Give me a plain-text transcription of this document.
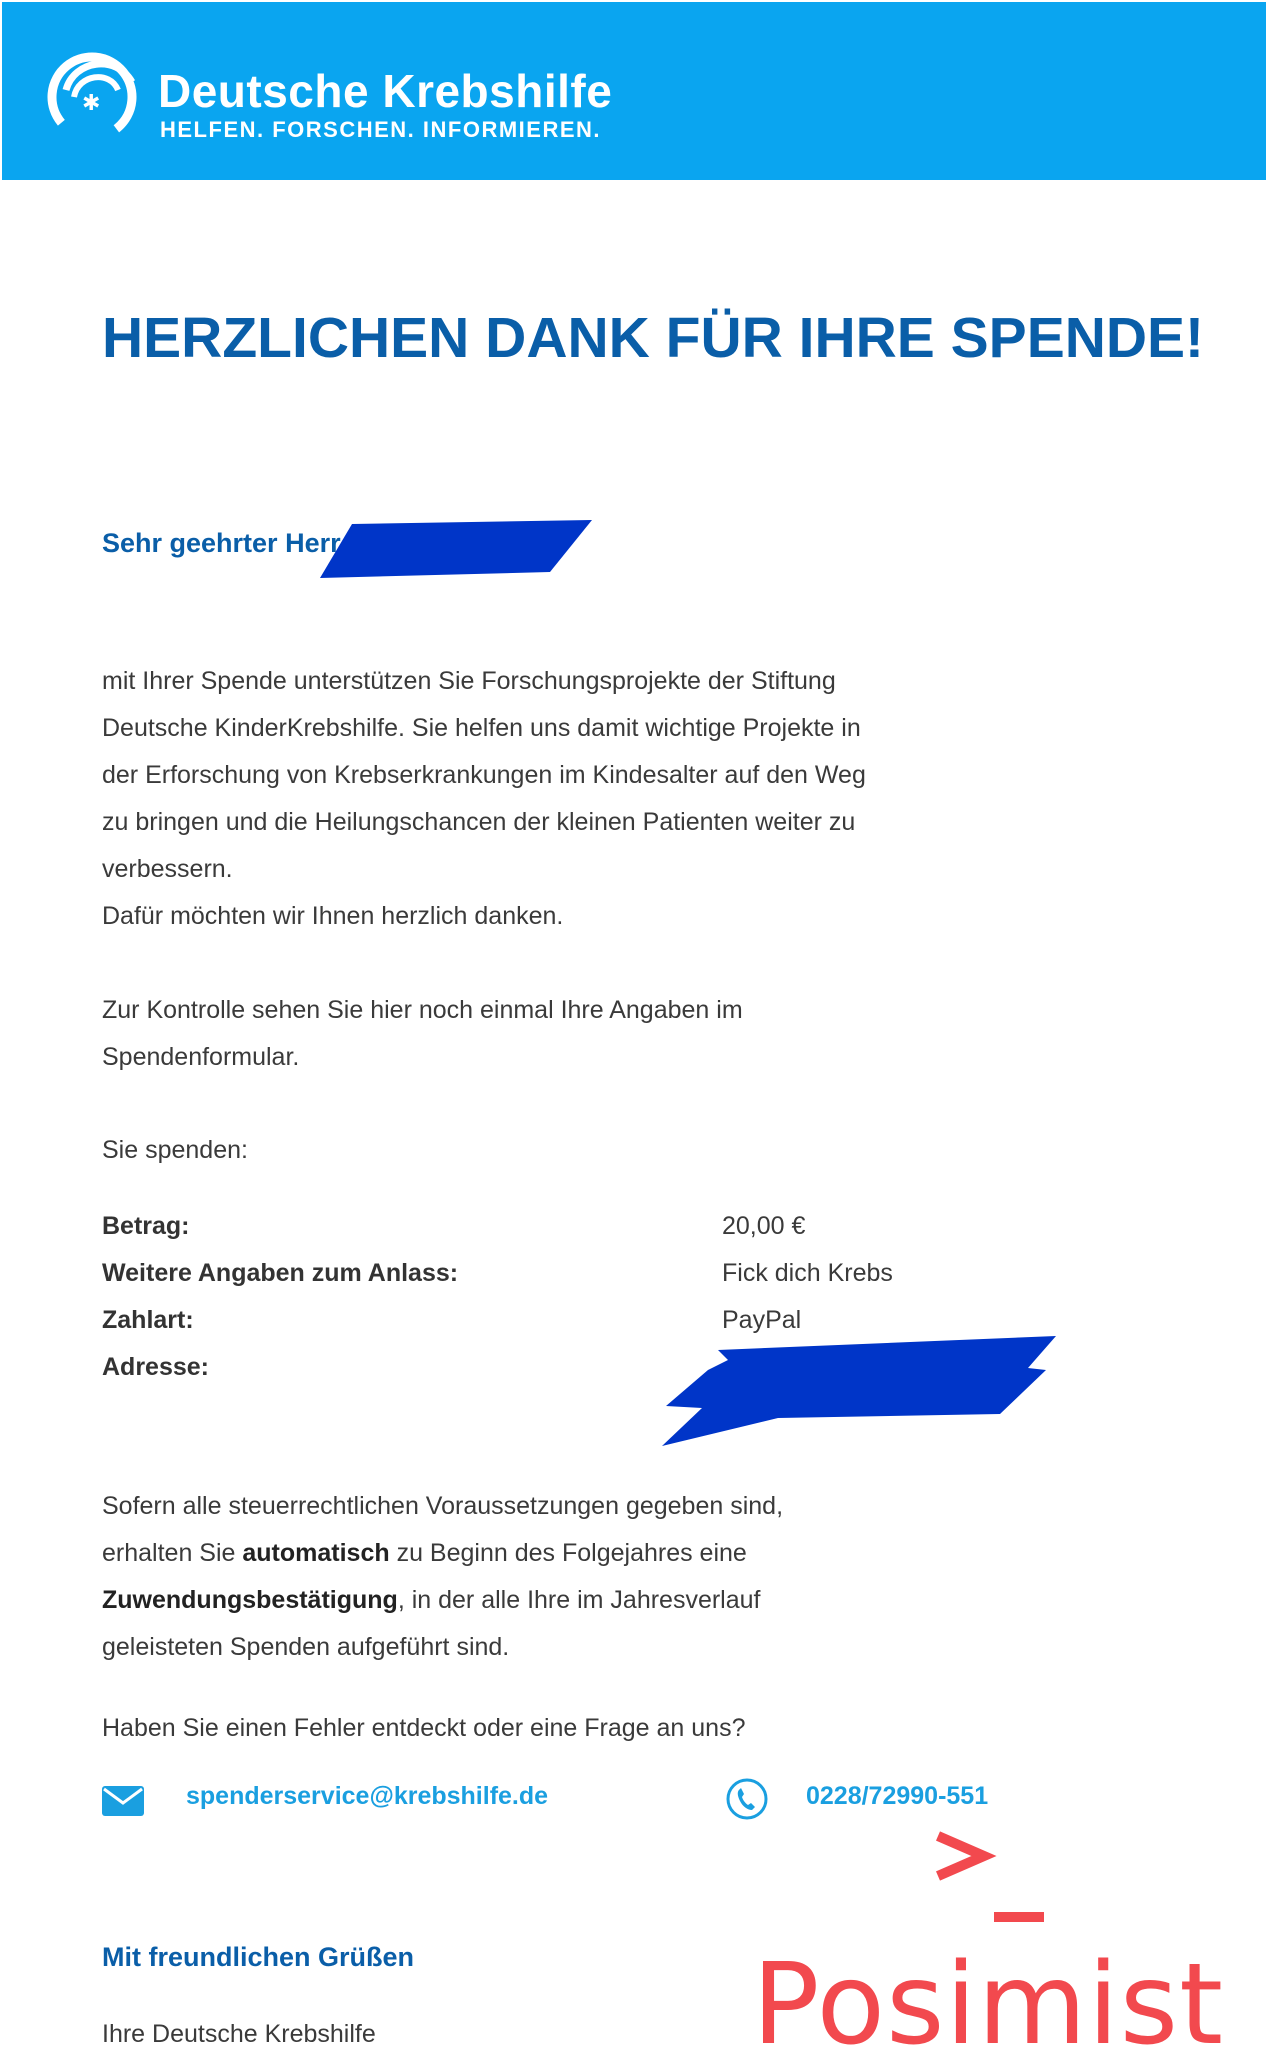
✱ Deutsche Krebshilfe
HELFEN. FORSCHEN. INFORMIEREN.
HERZLICHEN DANK FÜR IHRE SPENDE!
Sehr geehrter Herr
mit Ihrer Spende unterstützen Sie Forschungsprojekte der Stiftung
Deutsche KinderKrebshilfe. Sie helfen uns damit wichtige Projekte in
der Erforschung von Krebserkrankungen im Kindesalter auf den Weg
zu bringen und die Heilungschancen der kleinen Patienten weiter zu
verbessern.
Dafür möchten wir Ihnen herzlich danken.
Zur Kontrolle sehen Sie hier noch einmal Ihre Angaben im
Spendenformular.
Sie spenden:
Betrag:	20,00 €
Weitere Angaben zum Anlass:	Fick dich Krebs
Zahlart:	PayPal
Adresse:
Sofern alle steuerrechtlichen Voraussetzungen gegeben sind,
erhalten Sie automatisch zu Beginn des Folgejahres eine
Zuwendungsbestätigung, in der alle Ihre im Jahresverlauf
geleisteten Spenden aufgeführt sind.
Haben Sie einen Fehler entdeckt oder eine Frage an uns?
spenderservice@krebshilfe.de	0228/72990-551
Mit freundlichen Grüßen
Ihre Deutsche Krebshilfe	Posimist
